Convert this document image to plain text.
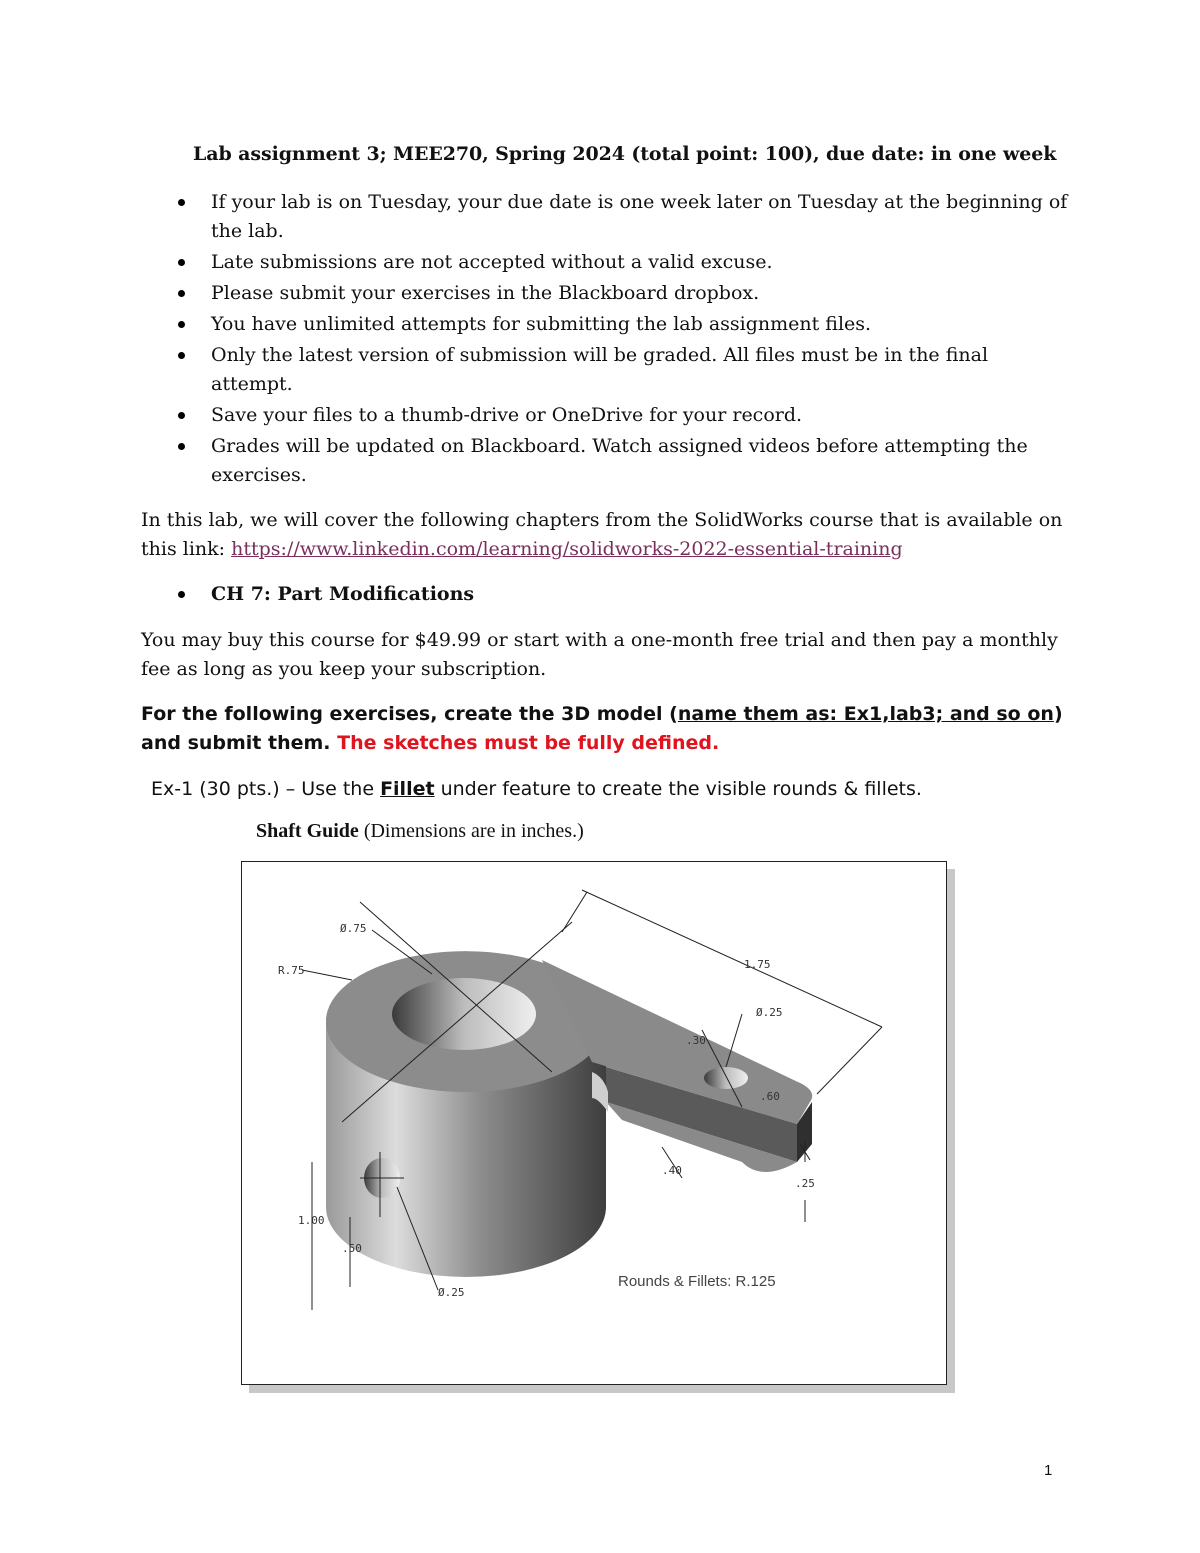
Lab assignment 3; MEE270, Spring 2024 (total point: 100), due date: in one week
If your lab is on Tuesday, your due date is one week later on Tuesday at the beginning of the lab.
Late submissions are not accepted without a valid excuse.
Please submit your exercises in the Blackboard dropbox.
You have unlimited attempts for submitting the lab assignment files.
Only the latest version of submission will be graded. All files must be in the final attempt.
Save your files to a thumb-drive or OneDrive for your record.
Grades will be updated on Blackboard. Watch assigned videos before attempting the exercises.
In this lab, we will cover the following chapters from the SolidWorks course that is available on this link: https://www.linkedin.com/learning/solidworks-2022-essential-training
CH 7: Part Modifications
You may buy this course for $49.99 or start with a one-month free trial and then pay a monthly fee as long as you keep your subscription.
For the following exercises, create the 3D model (name them as: Ex1,lab3; and so on) and submit them. The sketches must be fully defined.
Ex-1 (30 pts.) – Use the Fillet under feature to create the visible rounds & fillets.
Shaft Guide (Dimensions are in inches.)
Ø.75
R.75	1.75
Ø.25
.30
.60
.40
.25
1.00
.50
Ø.25
Rounds & Fillets: R.125
1
